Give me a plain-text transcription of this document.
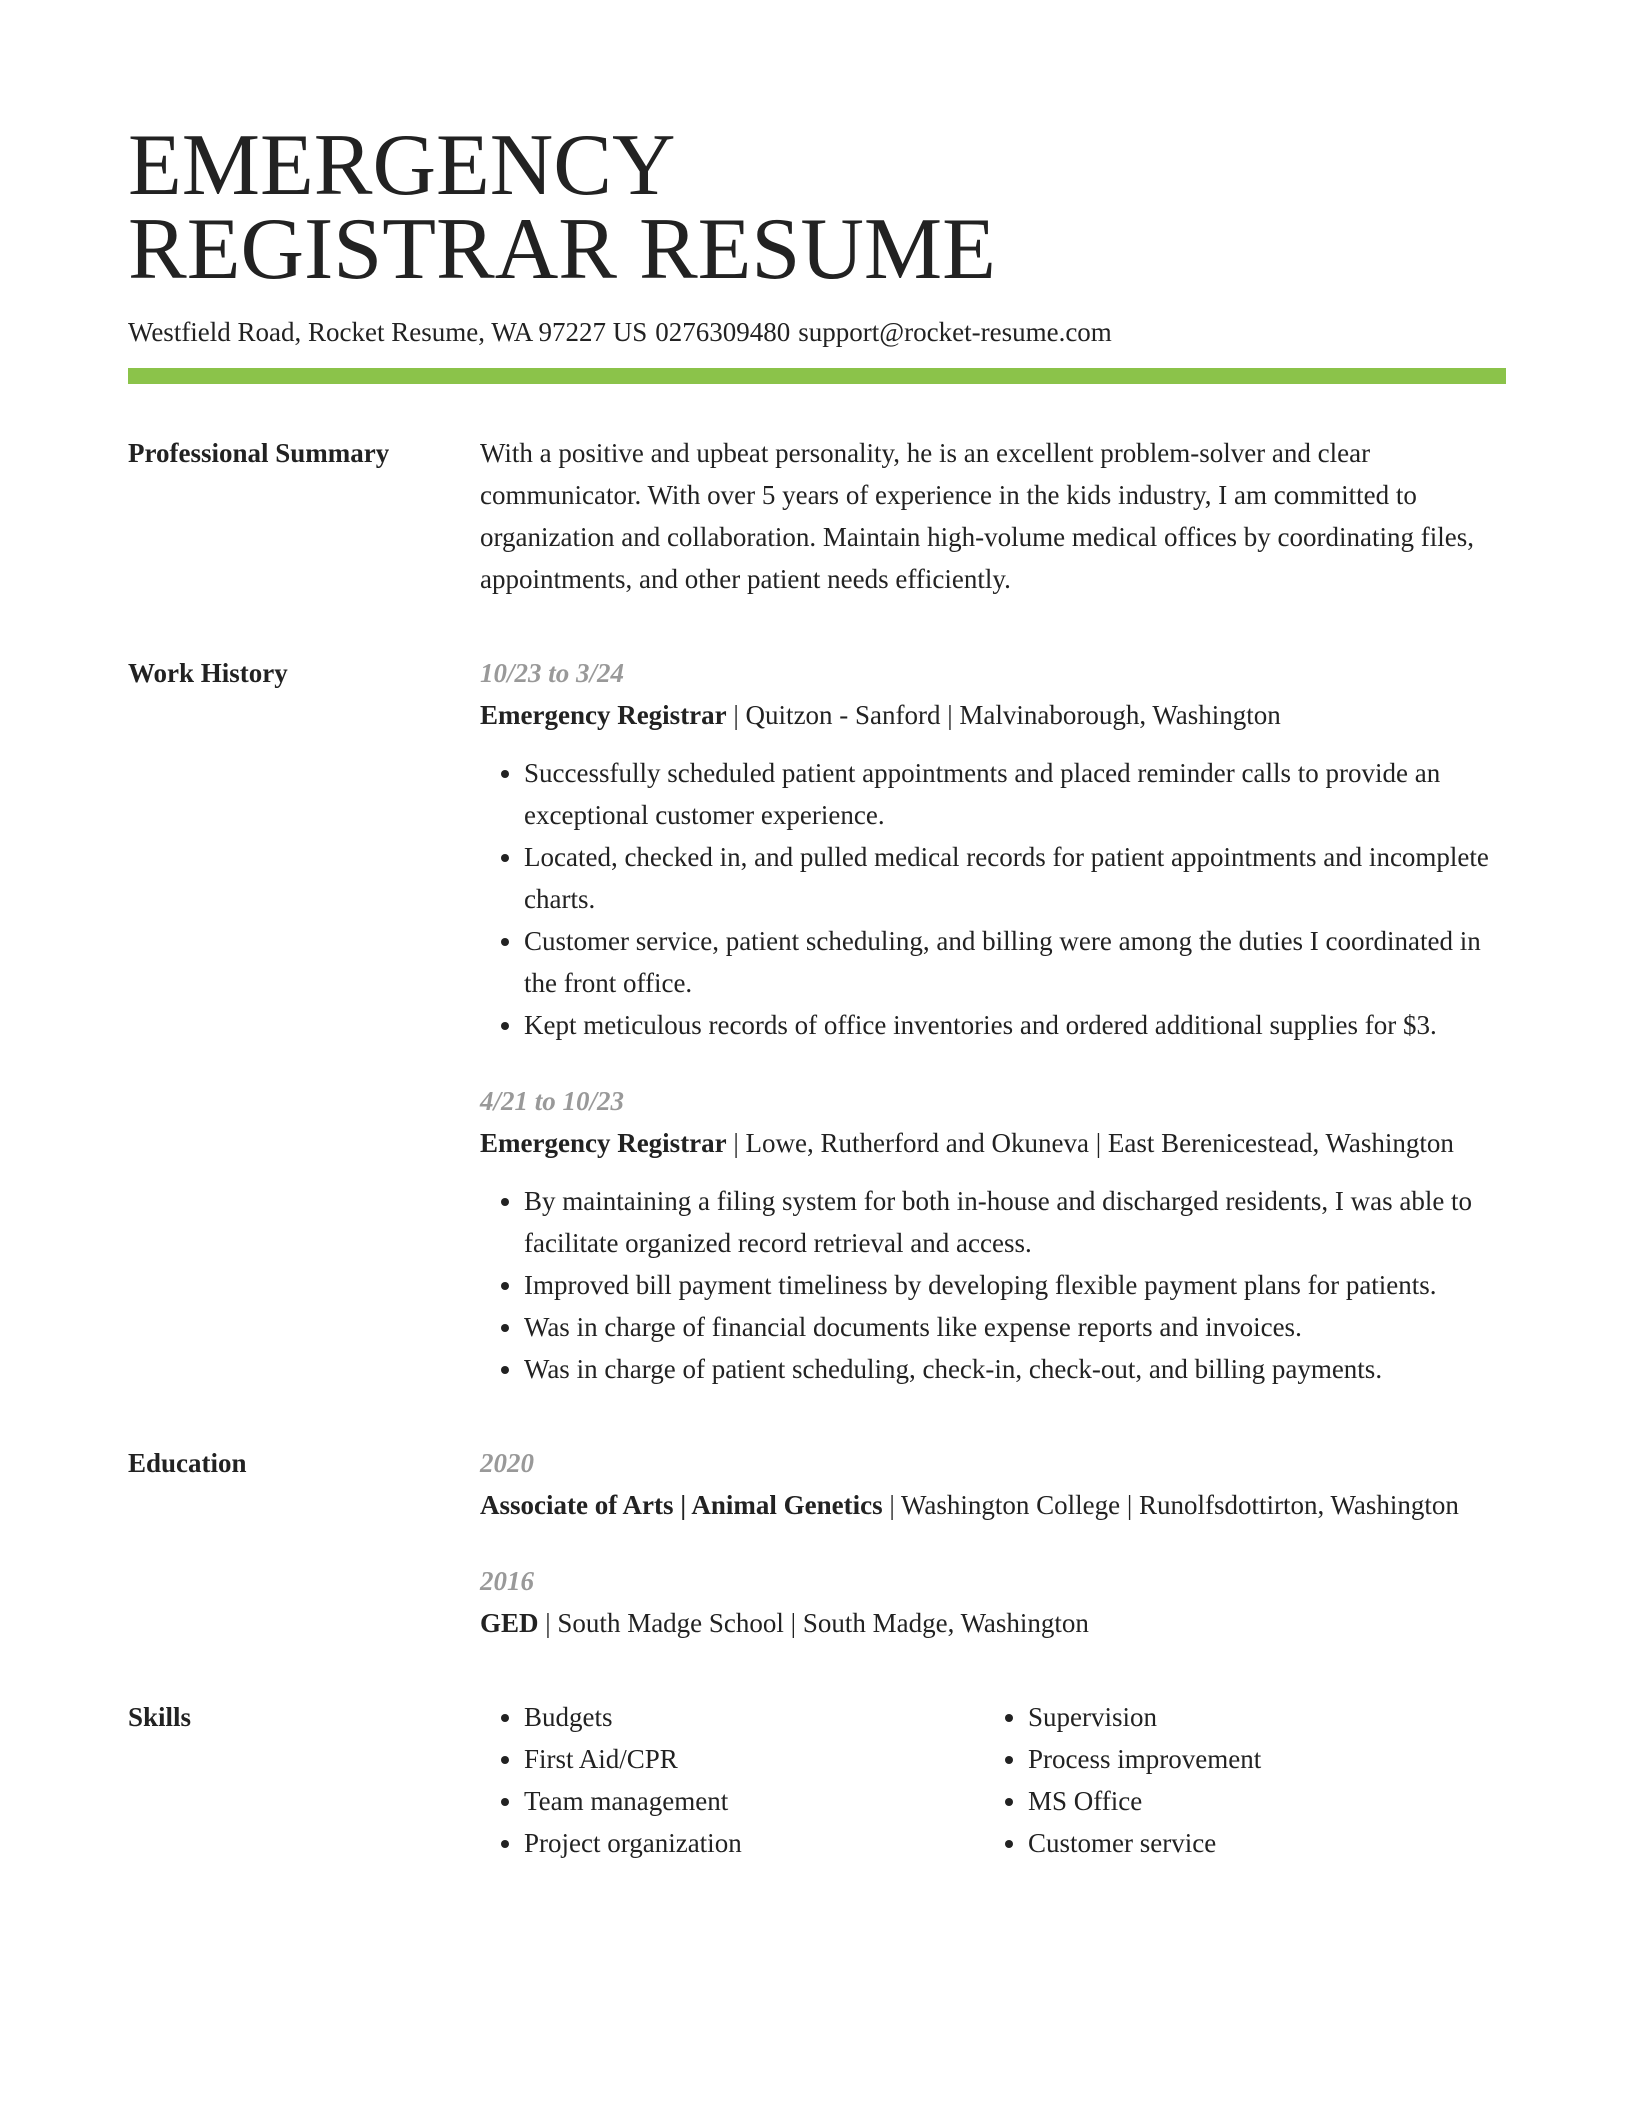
EMERGENCY
REGISTRAR RESUME
Westfield Road, Rocket Resume, WA 97227 US 0276309480 support@rocket-resume.com
Professional Summary	With a positive and upbeat personality, he is an excellent problem-solver and clear communicator. With over 5 years of experience in the kids industry, I am committed to organization and collaboration. Maintain high-volume medical offices by coordinating files, appointments, and other patient needs efficiently.

Work History	10/23 to 3/24
Emergency Registrar | Quitzon - Sanford | Malvinaborough, Washington
• Successfully scheduled patient appointments and placed reminder calls to provide an exceptional customer experience.
• Located, checked in, and pulled medical records for patient appointments and incomplete charts.
• Customer service, patient scheduling, and billing were among the duties I coordinated in the front office.
• Kept meticulous records of office inventories and ordered additional supplies for $3.
4/21 to 10/23
Emergency Registrar | Lowe, Rutherford and Okuneva | East Berenicestead, Washington
• By maintaining a filing system for both in-house and discharged residents, I was able to facilitate organized record retrieval and access.
• Improved bill payment timeliness by developing flexible payment plans for patients.
• Was in charge of financial documents like expense reports and invoices.
• Was in charge of patient scheduling, check-in, check-out, and billing payments.
Education	2020
Associate of Arts | Animal Genetics | Washington College | Runolfsdottirton, Washington
2016
GED | South Madge School | South Madge, Washington
Skills
•	Budgets
• First Aid/CPR
• Team management
• Project organization
• Supervision
• Process improvement
• MS Office
• Customer service
